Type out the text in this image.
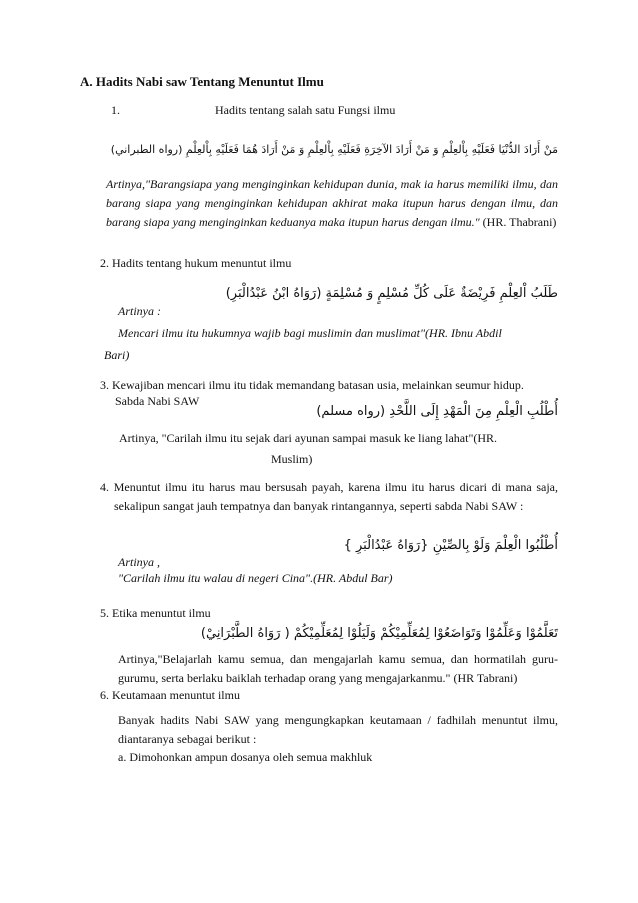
A. Hadits Nabi saw Tentang Menuntut Ilmu

1.	Hadits tentang salah satu Fungsi ilmu

مَنْ أَرَادَ الدُّنْيَا فَعَلَيْهِ بِاْلعِلْمِ وَ مَنْ أَرَادَ الآخِرَةِ فَعَلَيْهِ بِاْلعِلْمِ وَ مَنْ أَرَادَ هُمَا فَعَلَيْهِ بِاْلعِلْمِ (رواه الطبراني)

Artinya,"Barangsiapa yang menginginkan kehidupan dunia, mak ia harus memiliki ilmu, dan barang siapa yang menginginkan kehidupan akhirat maka itupun harus dengan ilmu, dan barang siapa yang menginginkan keduanya maka itupun harus dengan ilmu." (HR. Thabrani)

2. Hadits tentang hukum menuntut ilmu

طَلَبُ اْلعِلْمِ فَرِيْضَةٌ عَلَى كُلِّ مُسْلِمٍ وَ مُسْلِمَةٍ (رَوَاهُ ابْنُ عَبْدُالْبَرِ)

Artinya :

Mencari ilmu itu hukumnya wajib bagi muslimin dan muslimat"(HR. Ibnu Abdil

Bari)

3. Kewajiban mencari ilmu itu tidak memandang batasan usia, melainkan seumur hidup.

Sabda Nabi SAW

أُطْلُبِ الْعِلْمِ مِنَ الْمَهْدِ إِلَى اللَّحْدِ (رواه مسلم)

Artinya, "Carilah ilmu itu sejak dari ayunan sampai masuk ke liang lahat"(HR.

Muslim)

4. Menuntut ilmu itu harus mau bersusah payah, karena ilmu itu harus dicari di mana saja, sekalipun sangat jauh tempatnya dan banyak rintangannya, seperti sabda Nabi SAW :

أُطْلُبُوا الْعِلْمَ وَلَوْ بِالصِّيْنِ {رَوَاهُ عَبْدُالْبَرِ }

Artinya ,

"Carilah ilmu itu walau di negeri Cina".(HR. Abdul Bar)

5. Etika menuntut ilmu

تَعَلَّمُوْا وَعَلِّمُوْا وَتَوَاضَعُوْا لِمُعَلِّمِيْكُمْ وَلَيَلُوْا لِمُعَلِّمِيْكُمْ ( رَوَاهُ الطَّبْرَانِيْ)

Artinya,"Belajarlah kamu semua, dan mengajarlah kamu semua, dan hormatilah guru-gurumu, serta berlaku baiklah terhadap orang yang mengajarkanmu." (HR Tabrani)

6. Keutamaan menuntut ilmu

Banyak hadits Nabi SAW yang mengungkapkan keutamaan / fadhilah menuntut ilmu, diantaranya sebagai berikut :

a. Dimohonkan ampun dosanya oleh semua makhluk
